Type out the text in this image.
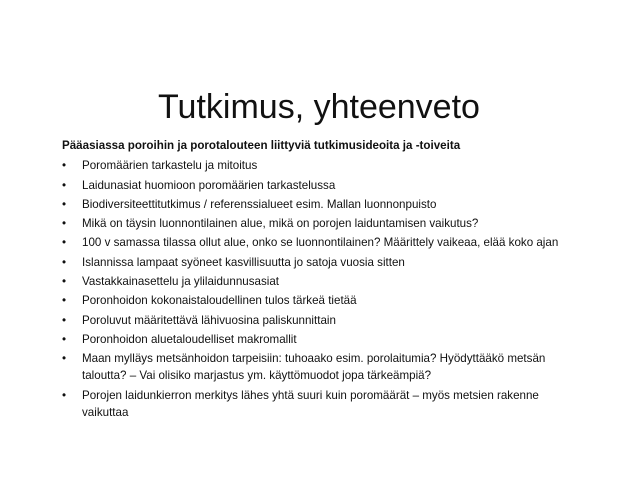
Tutkimus, yhteenveto
Pääasiassa poroihin ja porotalouteen liittyviä tutkimusideoita ja -toiveita
• Poromäärien tarkastelu ja mitoitus
• Laidunasiat huomioon poromäärien tarkastelussa
• Biodiversiteettitutkimus / referenssialueet esim. Mallan luonnonpuisto
• Mikä on täysin luonnontilainen alue, mikä on porojen laiduntamisen vaikutus?
• 100 v samassa tilassa ollut alue, onko se luonnontilainen? Määrittely vaikeaa, elää koko ajan
• Islannissa lampaat syöneet kasvillisuutta jo satoja vuosia sitten
• Vastakkainasettelu ja ylilaidunnusasiat
• Poronhoidon kokonaistaloudellinen tulos tärkeä tietää
• Poroluvut määritettävä lähivuosina paliskunnittain
• Poronhoidon aluetaloudelliset makromallit
• Maan mylläys metsänhoidon tarpeisiin: tuhoaako esim. porolaitumia? Hyödyttääkö metsän taloutta? – Vai olisiko marjastus ym. käyttömuodot jopa tärkeämpiä?
• Porojen laidunkierron merkitys lähes yhtä suuri kuin poromäärät – myös metsien rakenne vaikuttaa
